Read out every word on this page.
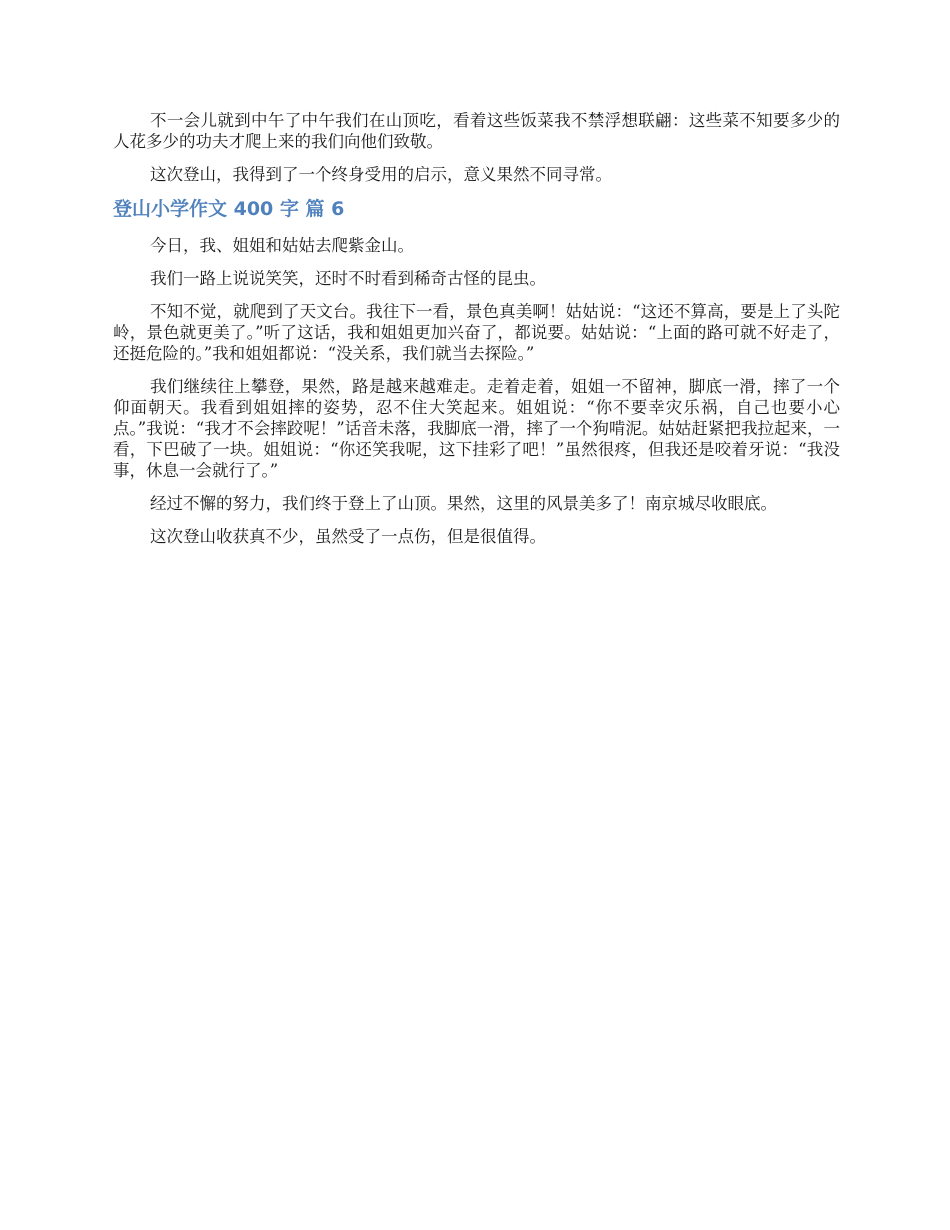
不一会儿就到中午了中午我们在山顶吃，看着这些饭菜我不禁浮想联翩：这些菜不知要多少的人花多少的功夫才爬上来的我们向他们致敬。

这次登山，我得到了一个终身受用的启示，意义果然不同寻常。

登山小学作文 400 字 篇 6

今日，我、姐姐和姑姑去爬紫金山。

我们一路上说说笑笑，还时不时看到稀奇古怪的昆虫。

不知不觉，就爬到了天文台。我往下一看，景色真美啊！姑姑说：“这还不算高，要是上了头陀岭，景色就更美了。”听了这话，我和姐姐更加兴奋了，都说要。姑姑说：“上面的路可就不好走了，还挺危险的。”我和姐姐都说：“没关系，我们就当去探险。”

我们继续往上攀登，果然，路是越来越难走。走着走着，姐姐一不留神，脚底一滑，摔了一个仰面朝天。我看到姐姐摔的姿势，忍不住大笑起来。姐姐说：“你不要幸灾乐祸，自己也要小心点。”我说：“我才不会摔跤呢！”话音未落，我脚底一滑，摔了一个狗啃泥。姑姑赶紧把我拉起来，一看，下巴破了一块。姐姐说：“你还笑我呢，这下挂彩了吧！”虽然很疼，但我还是咬着牙说：“我没事，休息一会就行了。”

经过不懈的努力，我们终于登上了山顶。果然，这里的风景美多了！南京城尽收眼底。

这次登山收获真不少，虽然受了一点伤，但是很值得。
